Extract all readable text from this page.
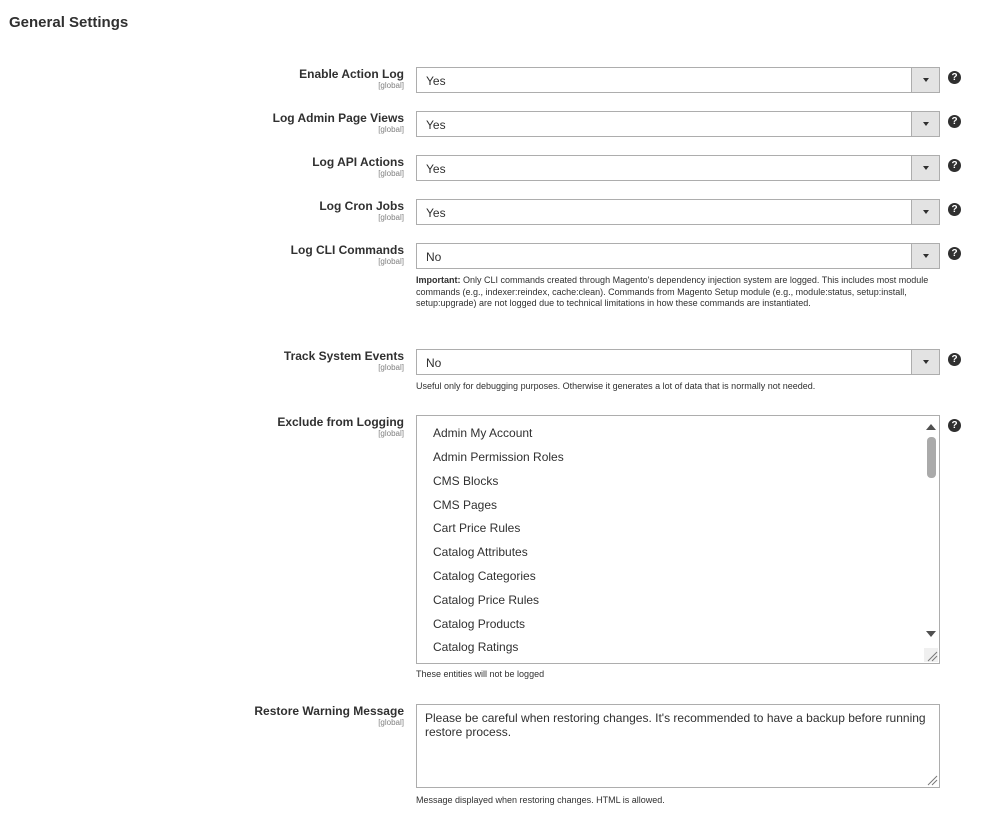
General Settings
Enable Action Log
[global] Yes	?
Log Admin Page Views
[global] Yes	?
Log API Actions
[global] Yes	?
Log Cron Jobs
[global] Yes	?
Log CLI Commands
[global] No	?
Important: Only CLI commands created through Magento's dependency injection system are logged. This includes most module commands (e.g., indexer:reindex, cache:clean). Commands from Magento Setup module (e.g., module:status, setup:install, setup:upgrade) are not logged due to technical limitations in how these commands are instantiated.
Track System Events
[global] No	?
Useful only for debugging purposes. Otherwise it generates a lot of data that is normally not needed.
Exclude from Logging
[global] Admin My Account
Admin Permission Roles
CMS Blocks
CMS Pages
Cart Price Rules
Catalog Attributes
Catalog Categories
Catalog Price Rules
Catalog Products
Catalog Ratings
?
These entities will not be logged
Restore Warning Message
[global] Please be careful when restoring changes. It's recommended to have a backup before running restore process.
Message displayed when restoring changes. HTML is allowed.
